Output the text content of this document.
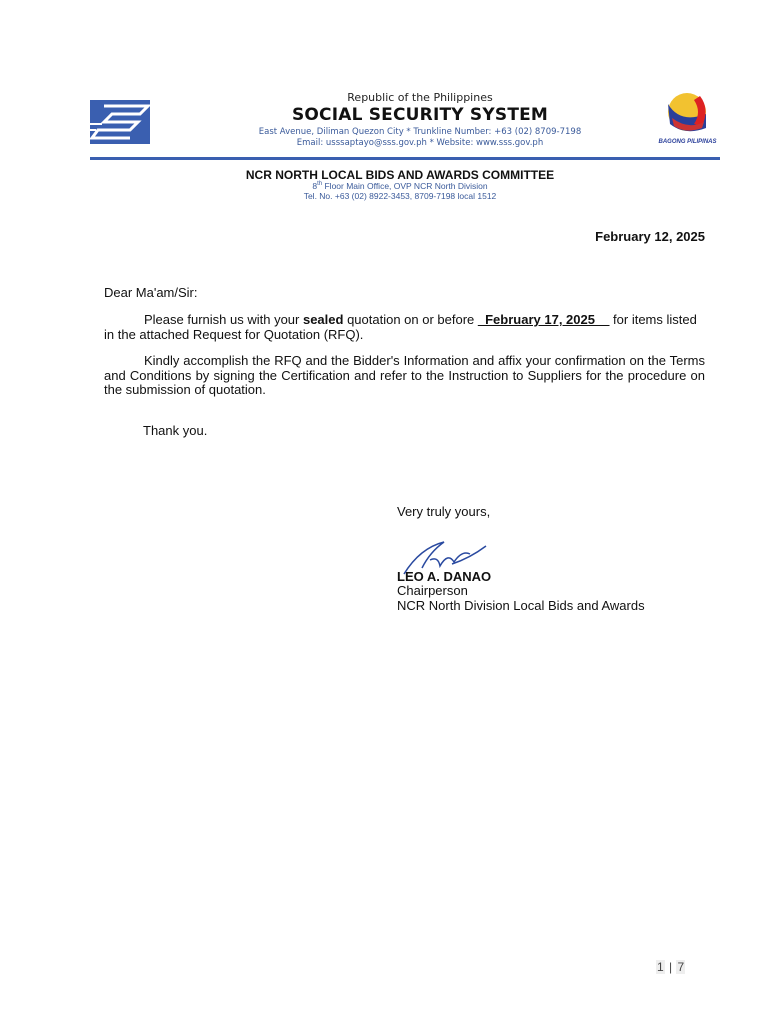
Republic of the Philippines
SOCIAL SECURITY SYSTEM
East Avenue, Diliman Quezon City * Trunkline Number: +63 (02) 8709-7198
Email: usssaptayo@sss.gov.ph * Website: www.sss.gov.ph	BAGONG PILIPINAS
NCR NORTH LOCAL BIDS AND AWARDS COMMITTEE
8th Floor Main Office, OVP NCR North Division
Tel. No. +63 (02) 8922-3453, 8709-7198 local 1512
February 12, 2025
Dear Ma'am/Sir:
Please furnish us with your sealed quotation on or before _February 17, 2025__ for items listed in the attached Request for Quotation (RFQ).
Kindly accomplish the RFQ and the Bidder's Information and affix your confirmation on the Terms and Conditions by signing the Certification and refer to the Instruction to Suppliers for the procedure on the submission of quotation.
Thank you.
Very truly yours,
LEO A. DANAO
Chairperson
NCR North Division Local Bids and Awards
1 | 7
